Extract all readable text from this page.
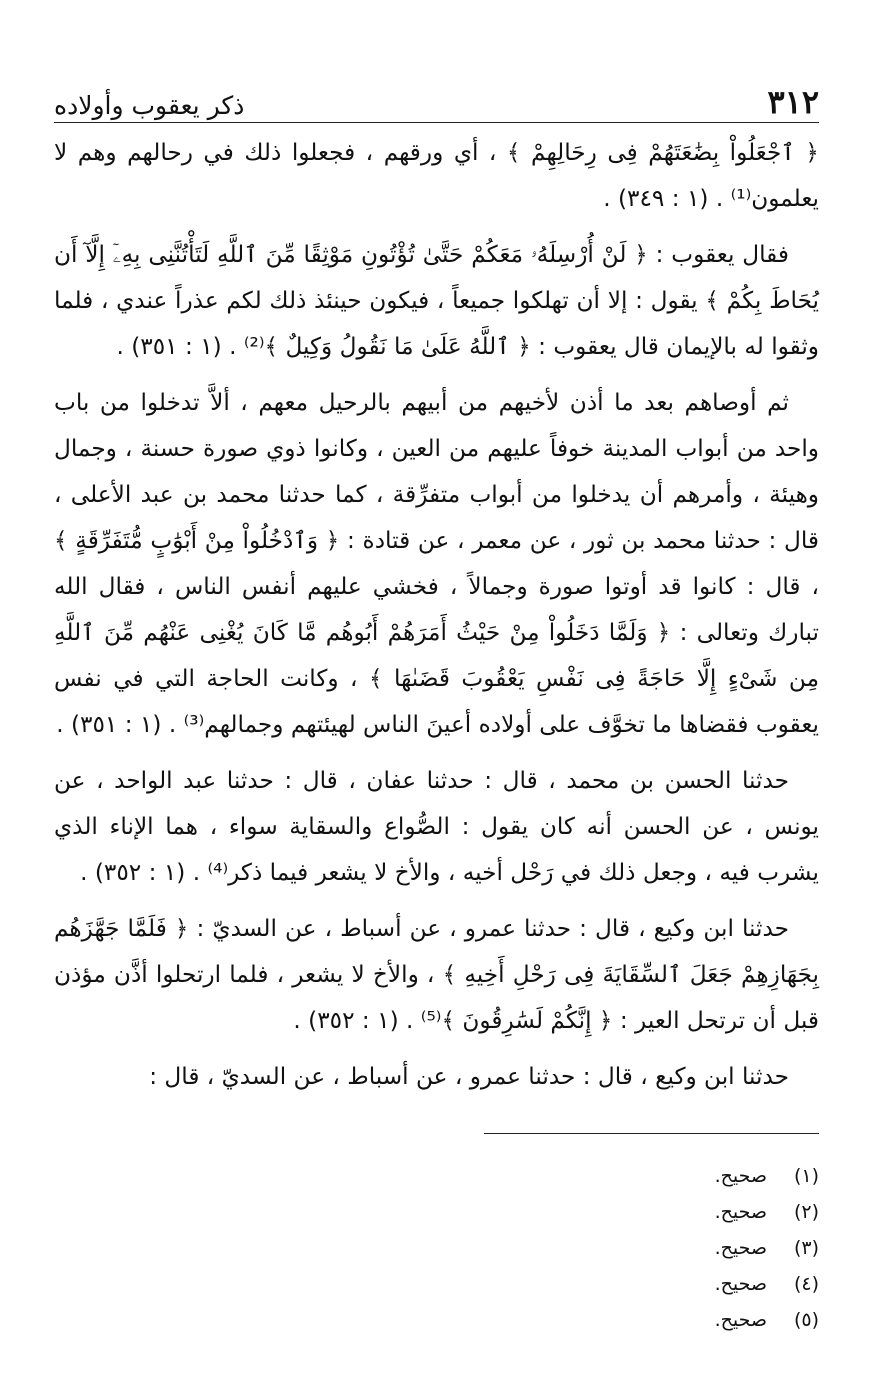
٣١٢
ذكر يعقوب وأولاده

﴿ ٱجْعَلُواْ بِضَٰعَتَهُمْ فِى رِحَالِهِمْ ﴾ ، أي ورقهم ، فجعلوا ذلك في رحالهم وهم لا يعلمون⁽¹⁾ . (١ : ٣٤٩) .

فقال يعقوب : ﴿ لَنْ أُرْسِلَهُۥ مَعَكُمْ حَتَّىٰ تُؤْتُونِ مَوْثِقًا مِّنَ ٱللَّهِ لَتَأْتُنَّنِى بِهِۦٓ إِلَّآ أَن يُحَاطَ بِكُمْ ﴾ يقول : إلا أن تهلكوا جميعاً ، فيكون حينئذ ذلك لكم عذراً عندي ، فلما وثقوا له بالإيمان قال يعقوب : ﴿ ٱللَّهُ عَلَىٰ مَا نَقُولُ وَكِيلٌ ﴾⁽²⁾ . (١ : ٣٥١) .

ثم أوصاهم بعد ما أذن لأخيهم من أبيهم بالرحيل معهم ، ألاَّ تدخلوا من باب واحد من أبواب المدينة خوفاً عليهم من العين ، وكانوا ذوي صورة حسنة ، وجمال وهيئة ، وأمرهم أن يدخلوا من أبواب متفرِّقة ، كما حدثنا محمد بن عبد الأعلى ، قال : حدثنا محمد بن ثور ، عن معمر ، عن قتادة : ﴿ وَٱدْخُلُواْ مِنْ أَبْوَٰبٍ مُّتَفَرِّقَةٍ ﴾ ، قال : كانوا قد أوتوا صورة وجمالاً ، فخشي عليهم أنفس الناس ، فقال الله تبارك وتعالى : ﴿ وَلَمَّا دَخَلُواْ مِنْ حَيْثُ أَمَرَهُمْ أَبُوهُم مَّا كَانَ يُغْنِى عَنْهُم مِّنَ ٱللَّهِ مِن شَىْءٍ إِلَّا حَاجَةً فِى نَفْسِ يَعْقُوبَ قَضَىٰهَا ﴾ ، وكانت الحاجة التي في نفس يعقوب فقضاها ما تخوَّف على أولاده أعينَ الناس لهيئتهم وجمالهم⁽³⁾ . (١ : ٣٥١) .

حدثنا الحسن بن محمد ، قال : حدثنا عفان ، قال : حدثنا عبد الواحد ، عن يونس ، عن الحسن أنه كان يقول : الصُّواع والسقاية سواء ، هما الإناء الذي يشرب فيه ، وجعل ذلك في رَحْل أخيه ، والأخ لا يشعر فيما ذكر⁽⁴⁾ . (١ : ٣٥٢) .

حدثنا ابن وكيع ، قال : حدثنا عمرو ، عن أسباط ، عن السديّ : ﴿ فَلَمَّا جَهَّزَهُم بِجَهَازِهِمْ جَعَلَ ٱلسِّقَايَةَ فِى رَحْلِ أَخِيهِ ﴾ ، والأخ لا يشعر ، فلما ارتحلوا أذَّن مؤذن قبل أن ترتحل العير : ﴿ إِنَّكُمْ لَسَٰرِقُونَ ﴾⁽⁵⁾ . (١ : ٣٥٢) .

حدثنا ابن وكيع ، قال : حدثنا عمرو ، عن أسباط ، عن السديّ ، قال :

(١)
صحيح.
(٢)
صحيح.
(٣)
صحيح.
(٤)
صحيح.
(٥)
صحيح.
